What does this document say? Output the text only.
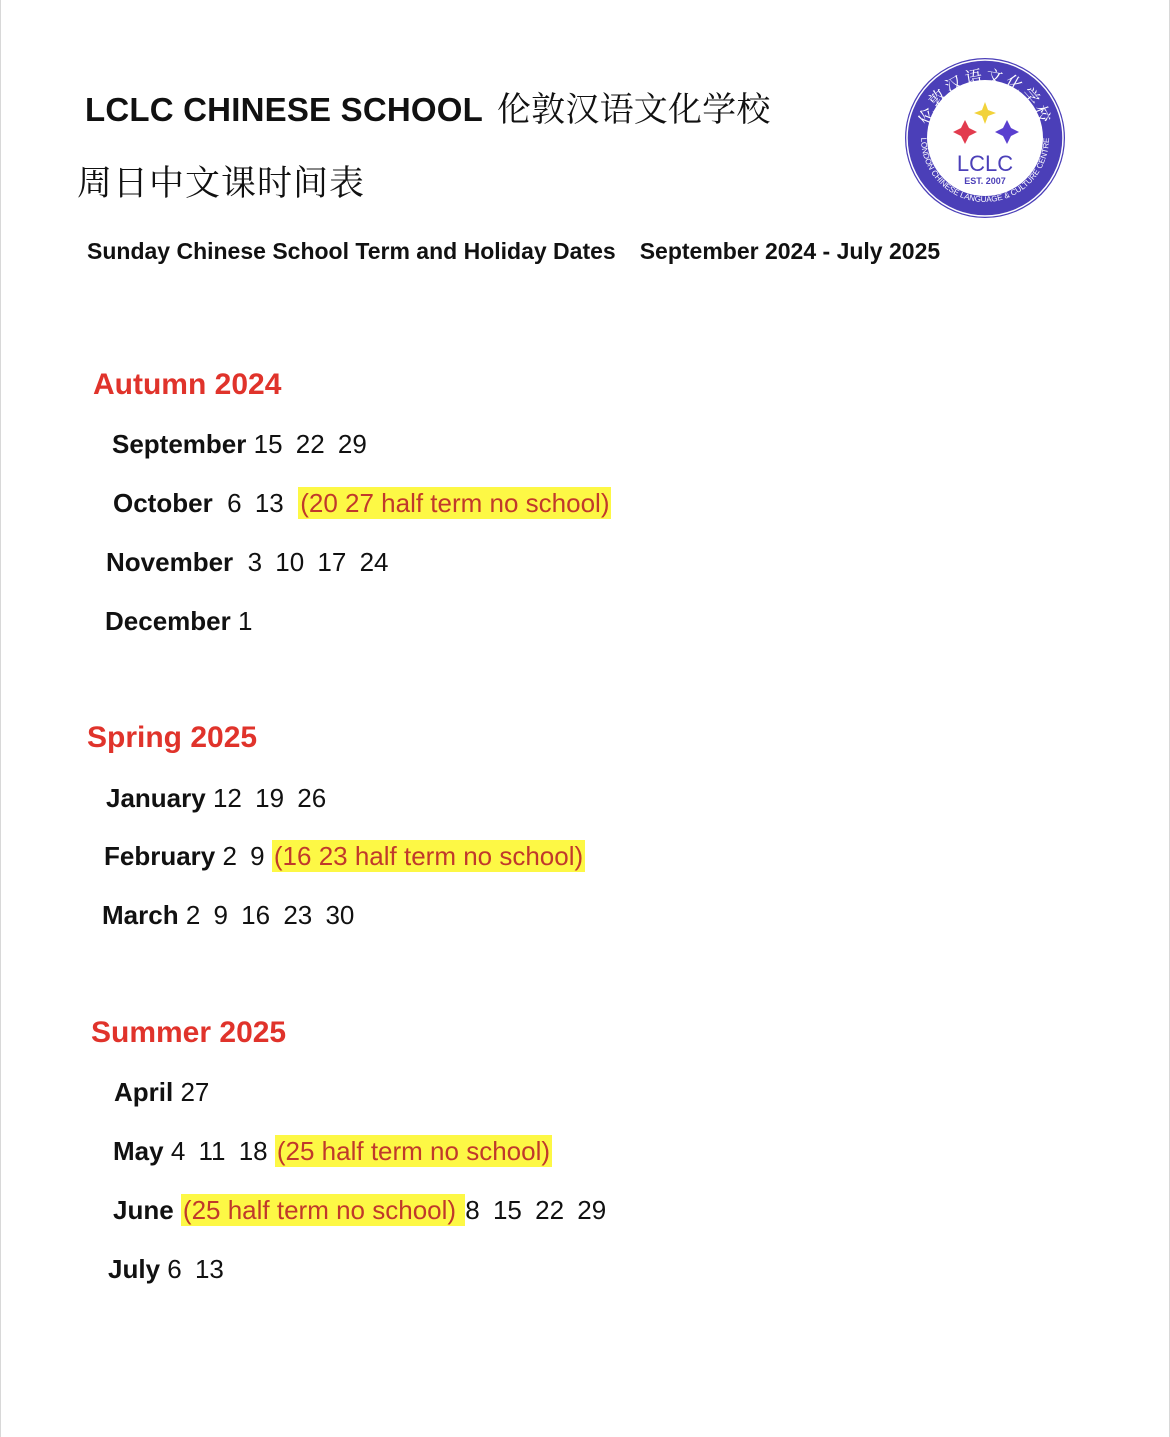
LCLC CHINESE SCHOOL 伦敦汉语文化学校
周日中文课时间表
Sunday Chinese School Term and Holiday Dates September 2024 - July 2025
伦敦汉语文化学校
LONDON CHINESE LANGUAGE & CULTURE CENTRE
LCLC
EST. 2007
Autumn 2024
September 15 22 29
October 6 13 (20 27 half term no school)
November 3 10 17 24
December 1
Spring 2025
January 12 19 26
February 2 9 (16 23 half term no school)
March 2 9 16 23 30
Summer 2025
April 27
May 4 11 18 (25 half term no school)
June (25 half term no school) 8 15 22 29
July 6 13
